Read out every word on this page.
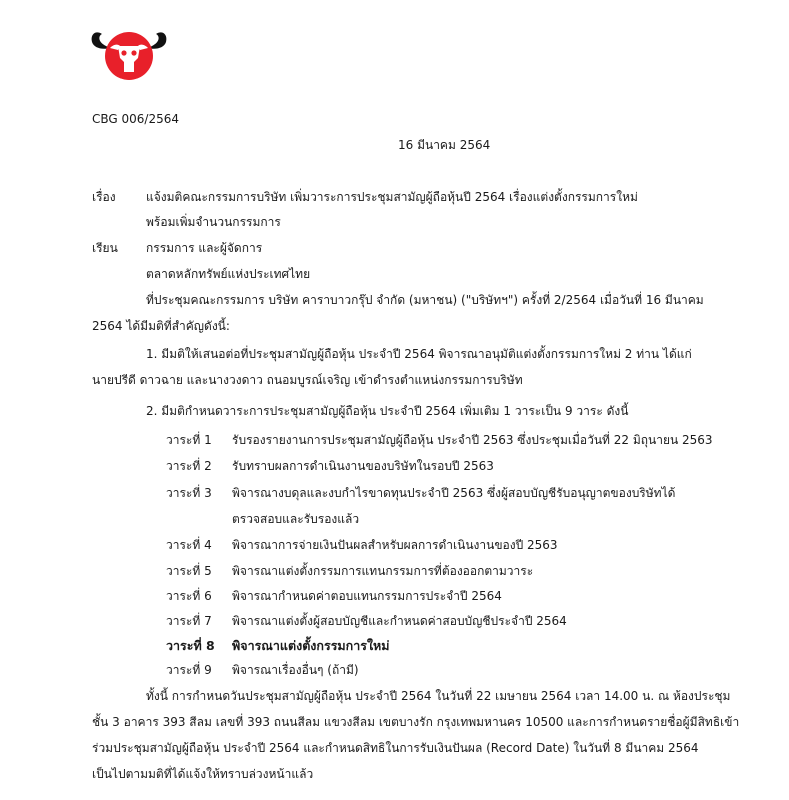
CBG 006/2564
16 มีนาคม 2564
เรื่อง	แจ้งมติคณะกรรมการบริษัท เพิ่มวาระการประชุมสามัญผู้ถือหุ้นปี 2564 เรื่องแต่งตั้งกรรมการใหม่
พร้อมเพิ่มจำนวนกรรมการ
เรียน กรรมการ และผู้จัดการ
ตลาดหลักทรัพย์แห่งประเทศไทย
ที่ประชุมคณะกรรมการ บริษัท คาราบาวกรุ๊ป จำกัด (มหาชน) ("บริษัทฯ") ครั้งที่ 2/2564 เมื่อวันที่ 16 มีนาคม
2564 ได้มีมติที่สำคัญดังนี้:
1. มีมติให้เสนอต่อที่ประชุมสามัญผู้ถือหุ้น ประจำปี 2564 พิจารณาอนุมัติแต่งตั้งกรรมการใหม่ 2 ท่าน ได้แก่
นายปรีดี ดาวฉาย และนางวงดาว ถนอมบูรณ์เจริญ เข้าดำรงตำแหน่งกรรมการบริษัท
2. มีมติกำหนดวาระการประชุมสามัญผู้ถือหุ้น ประจำปี 2564 เพิ่มเติม 1 วาระเป็น 9 วาระ ดังนี้
วาระที่ 1 รับรองรายงานการประชุมสามัญผู้ถือหุ้น ประจำปี 2563 ซึ่งประชุมเมื่อวันที่ 22 มิถุนายน 2563
วาระที่ 2 รับทราบผลการดำเนินงานของบริษัทในรอบปี 2563
วาระที่ 3 พิจารณางบดุลและงบกำไรขาดทุนประจำปี 2563 ซึ่งผู้สอบบัญชีรับอนุญาตของบริษัทได้
ตรวจสอบและรับรองแล้ว
วาระที่ 4 พิจารณาการจ่ายเงินปันผลสำหรับผลการดำเนินงานของปี 2563
วาระที่ 5 พิจารณาแต่งตั้งกรรมการแทนกรรมการที่ต้องออกตามวาระ
วาระที่ 6 พิจารณากำหนดค่าตอบแทนกรรมการประจำปี 2564
วาระที่ 7 พิจารณาแต่งตั้งผู้สอบบัญชีและกำหนดค่าสอบบัญชีประจำปี 2564
วาระที่ 8 พิจารณาแต่งตั้งกรรมการใหม่
วาระที่ 9 พิจารณาเรื่องอื่นๆ (ถ้ามี)
ทั้งนี้ การกำหนดวันประชุมสามัญผู้ถือหุ้น ประจำปี 2564 ในวันที่ 22 เมษายน 2564 เวลา 14.00 น. ณ ห้องประชุม
ชั้น 3 อาคาร 393 สีลม เลขที่ 393 ถนนสีลม แขวงสีลม เขตบางรัก กรุงเทพมหานคร 10500 และการกำหนดรายชื่อผู้มีสิทธิเข้า
ร่วมประชุมสามัญผู้ถือหุ้น ประจำปี 2564 และกำหนดสิทธิในการรับเงินปันผล (Record Date) ในวันที่ 8 มีนาคม 2564
เป็นไปตามมติที่ได้แจ้งให้ทราบล่วงหน้าแล้ว
